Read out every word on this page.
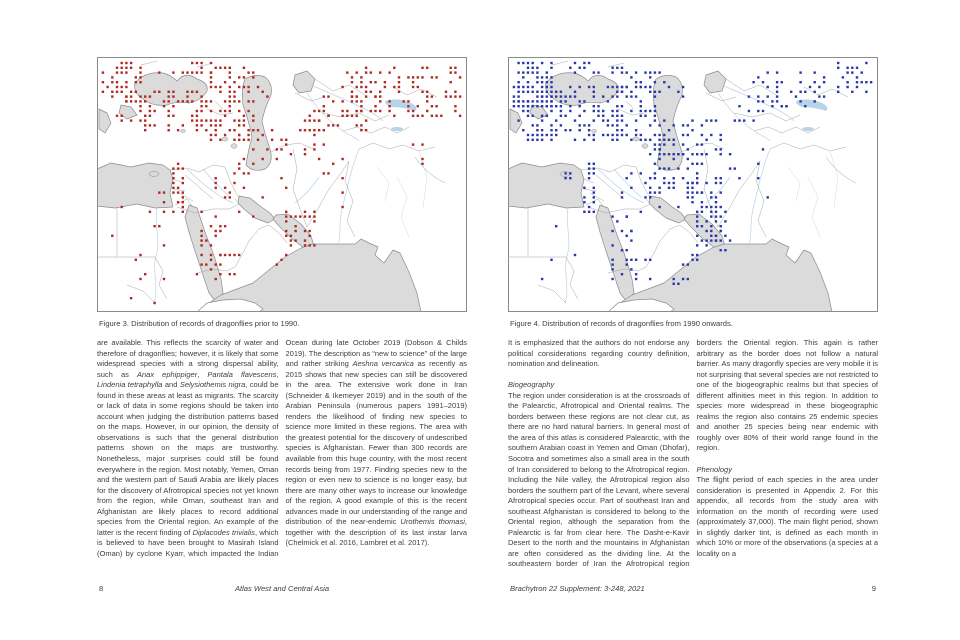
Figure 3. Distribution of records of dragonflies prior to 1990.
are available. This reflects the scarcity of water and therefore of dragonflies; however, it is likely that some widespread species with a strong dispersal ability, such as Anax ephippiger, Pantala flavescens, Lindenia tetraphylla and Selysiothemis nigra, could be found in these areas at least as migrants. The scarcity or lack of data in some regions should be taken into account when judging the distribution patterns based on the maps. However, in our opinion, the density of observations is such that the general distribution patterns shown on the maps are trustworthy. Nonetheless, major surprises could still be found everywhere in the region. Most notably, Yemen, Oman and the western part of Saudi Arabia are likely places for the discovery of Afrotropical species not yet known from the region, while Oman, southeast Iran and Afghanistan are likely places to record additional species from the Oriental region. An example of the latter is the recent finding of Diplacodes trivialis, which is believed to have been brought to Masirah Island (Oman) by cyclone Kyarr, which impacted the Indian Ocean during late October 2019 (Dobson & Childs 2019). The description as “new to science” of the large and rather striking Aeshna vercanica as recently as 2015 shows that new species can still be discovered in the area. The extensive work done in Iran (Schneider & Ikemeyer 2019) and in the south of the Arabian Peninsula (numerous papers 1991–2019) renders the likelihood of finding new species to science more limited in these regions. The area with the greatest potential for the discovery of undescribed species is Afghanistan. Fewer than 300 records are available from this huge country, with the most recent records being from 1977. Finding species new to the region or even new to science is no longer easy, but there are many other ways to increase our knowledge of the region. A good example of this is the recent advances made in our understanding of the range and distribution of the near-endemic Urothemis thomasi, together with the description of its last instar larva (Chelmick et al. 2016, Lambret et al. 2017).
8	Atlas West and Central Asia
Figure 4. Distribution of records of dragonflies from 1990 onwards.
It is emphasized that the authors do not endorse any political considerations regarding country definition, nomination and delineation.
Biogeography
The region under consideration is at the crossroads of the Palearctic, Afrotropical and Oriental realms. The borders between these regions are not clear cut, as there are no hard natural barriers. In general most of the area of this atlas is considered Palearctic, with the southern Arabian coast in Yemen and Oman (Dhofar), Socotra and sometimes also a small area in the south of Iran considered to belong to the Afrotropical region. Including the Nile valley, the Afrotropical region also borders the southern part of the Levant, where several Afrotropical species occur. Part of southeast Iran and southeast Afghanistan is considered to belong to the Oriental region, although the separation from the Palearctic is far from clear here. The Dasht-e-Kavir Desert to the north and the mountains in Afghanistan are often considered as the dividing line. At the southeastern border of Iran the Afrotropical region borders the Oriental region. This again is rather arbitrary as the border does not follow a natural barrier. As many dragonfly species are very mobile it is not surprising that several species are not restricted to one of the biogeographic realms but that species of different affinities meet in this region. In addition to species more widespread in these biogeographic realms the region also contains 25 endemic species and another 25 species being near endemic with roughly over 80% of their world range found in the region.
Phenology
The flight period of each species in the area under consideration is presented in Appendix 2. For this appendix, all records from the study area with information on the month of recording were used (approximately 37,000). The main flight period, shown in slightly darker tint, is defined as each month in which 10% or more of the observations (a species at a locality on a
Brachytron 22 Supplement: 3-248, 2021	9
